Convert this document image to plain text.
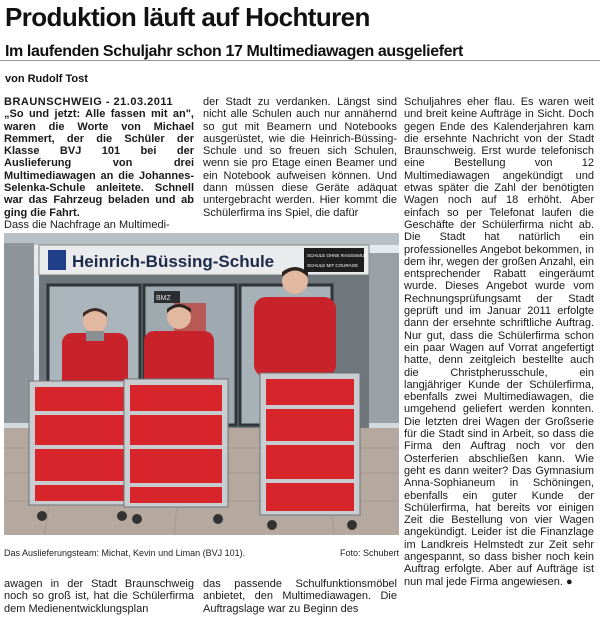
Produktion läuft auf Hochturen
Im laufenden Schuljahr schon 17 Multimediawagen ausgeliefert
von Rudolf Tost

BRAUNSCHWEIG - 21.03.2011
„So und jetzt: Alle fassen mit an", waren die Worte von Michael Remmert, der die Schüler der Klasse BVJ 101 bei der Auslieferung von drei Multimediawagen an die Johannes-Selenka-Schule anleitete. Schnell war das Fahrzeug beladen und ab ging die Fahrt.

Dass die Nachfrage an Multimedi-

der Stadt zu verdanken. Längst sind nicht alle Schulen auch nur annähernd so gut mit Beamern und Notebooks ausgerüstet, wie die Heinrich-Büssing-Schule und so freuen sich Schulen, wenn sie pro Etage einen Beamer und ein Notebook aufweisen können. Und dann müssen diese Geräte adäquat untergebracht werden. Hier kommt die Schülerfirma ins Spiel, die dafür

Schuljahres eher flau. Es waren weit und breit keine Aufträge in Sicht. Doch gegen Ende des Kalenderjahren kam die ersehnte Nachricht von der Stadt Braunschweig. Erst wurde telefonisch eine Bestellung von 12 Multimediawagen angekündigt und etwas später die Zahl der benötigten Wagen noch auf 18 erhöht. Aber einfach so per Telefonat laufen die Geschäfte der Schülerfirma nicht ab. Die Stadt hat natürlich ein professionelles Angebot bekommen, in dem ihr, wegen der großen Anzahl, ein entsprechender Rabatt eingeräumt wurde. Dieses Angebot wurde vom Rechnungsprüfungsamt der Stadt geprüft und im Januar 2011 erfolgte dann der ersehnte schriftliche Auftrag. Nur gut, dass die Schülerfirma schon ein paar Wagen auf Vorrat angefertigt hatte, denn zeitgleich bestellte auch die Christpherusschule, ein langjähriger Kunde der Schülerfirma, ebenfalls zwei Multimediawagen, die umgehend geliefert werden konnten. Die letzten drei Wagen der Großserie für die Stadt sind in Arbeit, so dass die Firma den Auftrag noch vor den Osterferien abschließen kann. Wie geht es dann weiter? Das Gymnasium Anna-Sophianeum in Schöningen, ebenfalls ein guter Kunde der Schülerfirma, hat bereits vor einigen Zeit die Bestellung von vier Wagen angekündigt. Leider ist die Finanzlage im Landkreis Helmstedt zur Zeit sehr angespannt, so dass bisher noch kein Auftrag erfolgte. Aber auf Aufträge ist nun mal jede Firma angewiesen. ●

Heinrich-Büssing-Schule	SCHULE OHNE RASSISMUS
SCHULE MIT COURAGE
BMZ
Das Auslieferungsteam: Michat, Kevin und Liman (BVJ 101).	Foto: Schubert

awagen in der Stadt Braunschweig noch so groß ist, hat die Schülerfirma dem Medienentwicklungsplan

das passende Schulfunktionsmöbel anbietet, den Multimediawagen. Die Auftragslage war zu Beginn des
